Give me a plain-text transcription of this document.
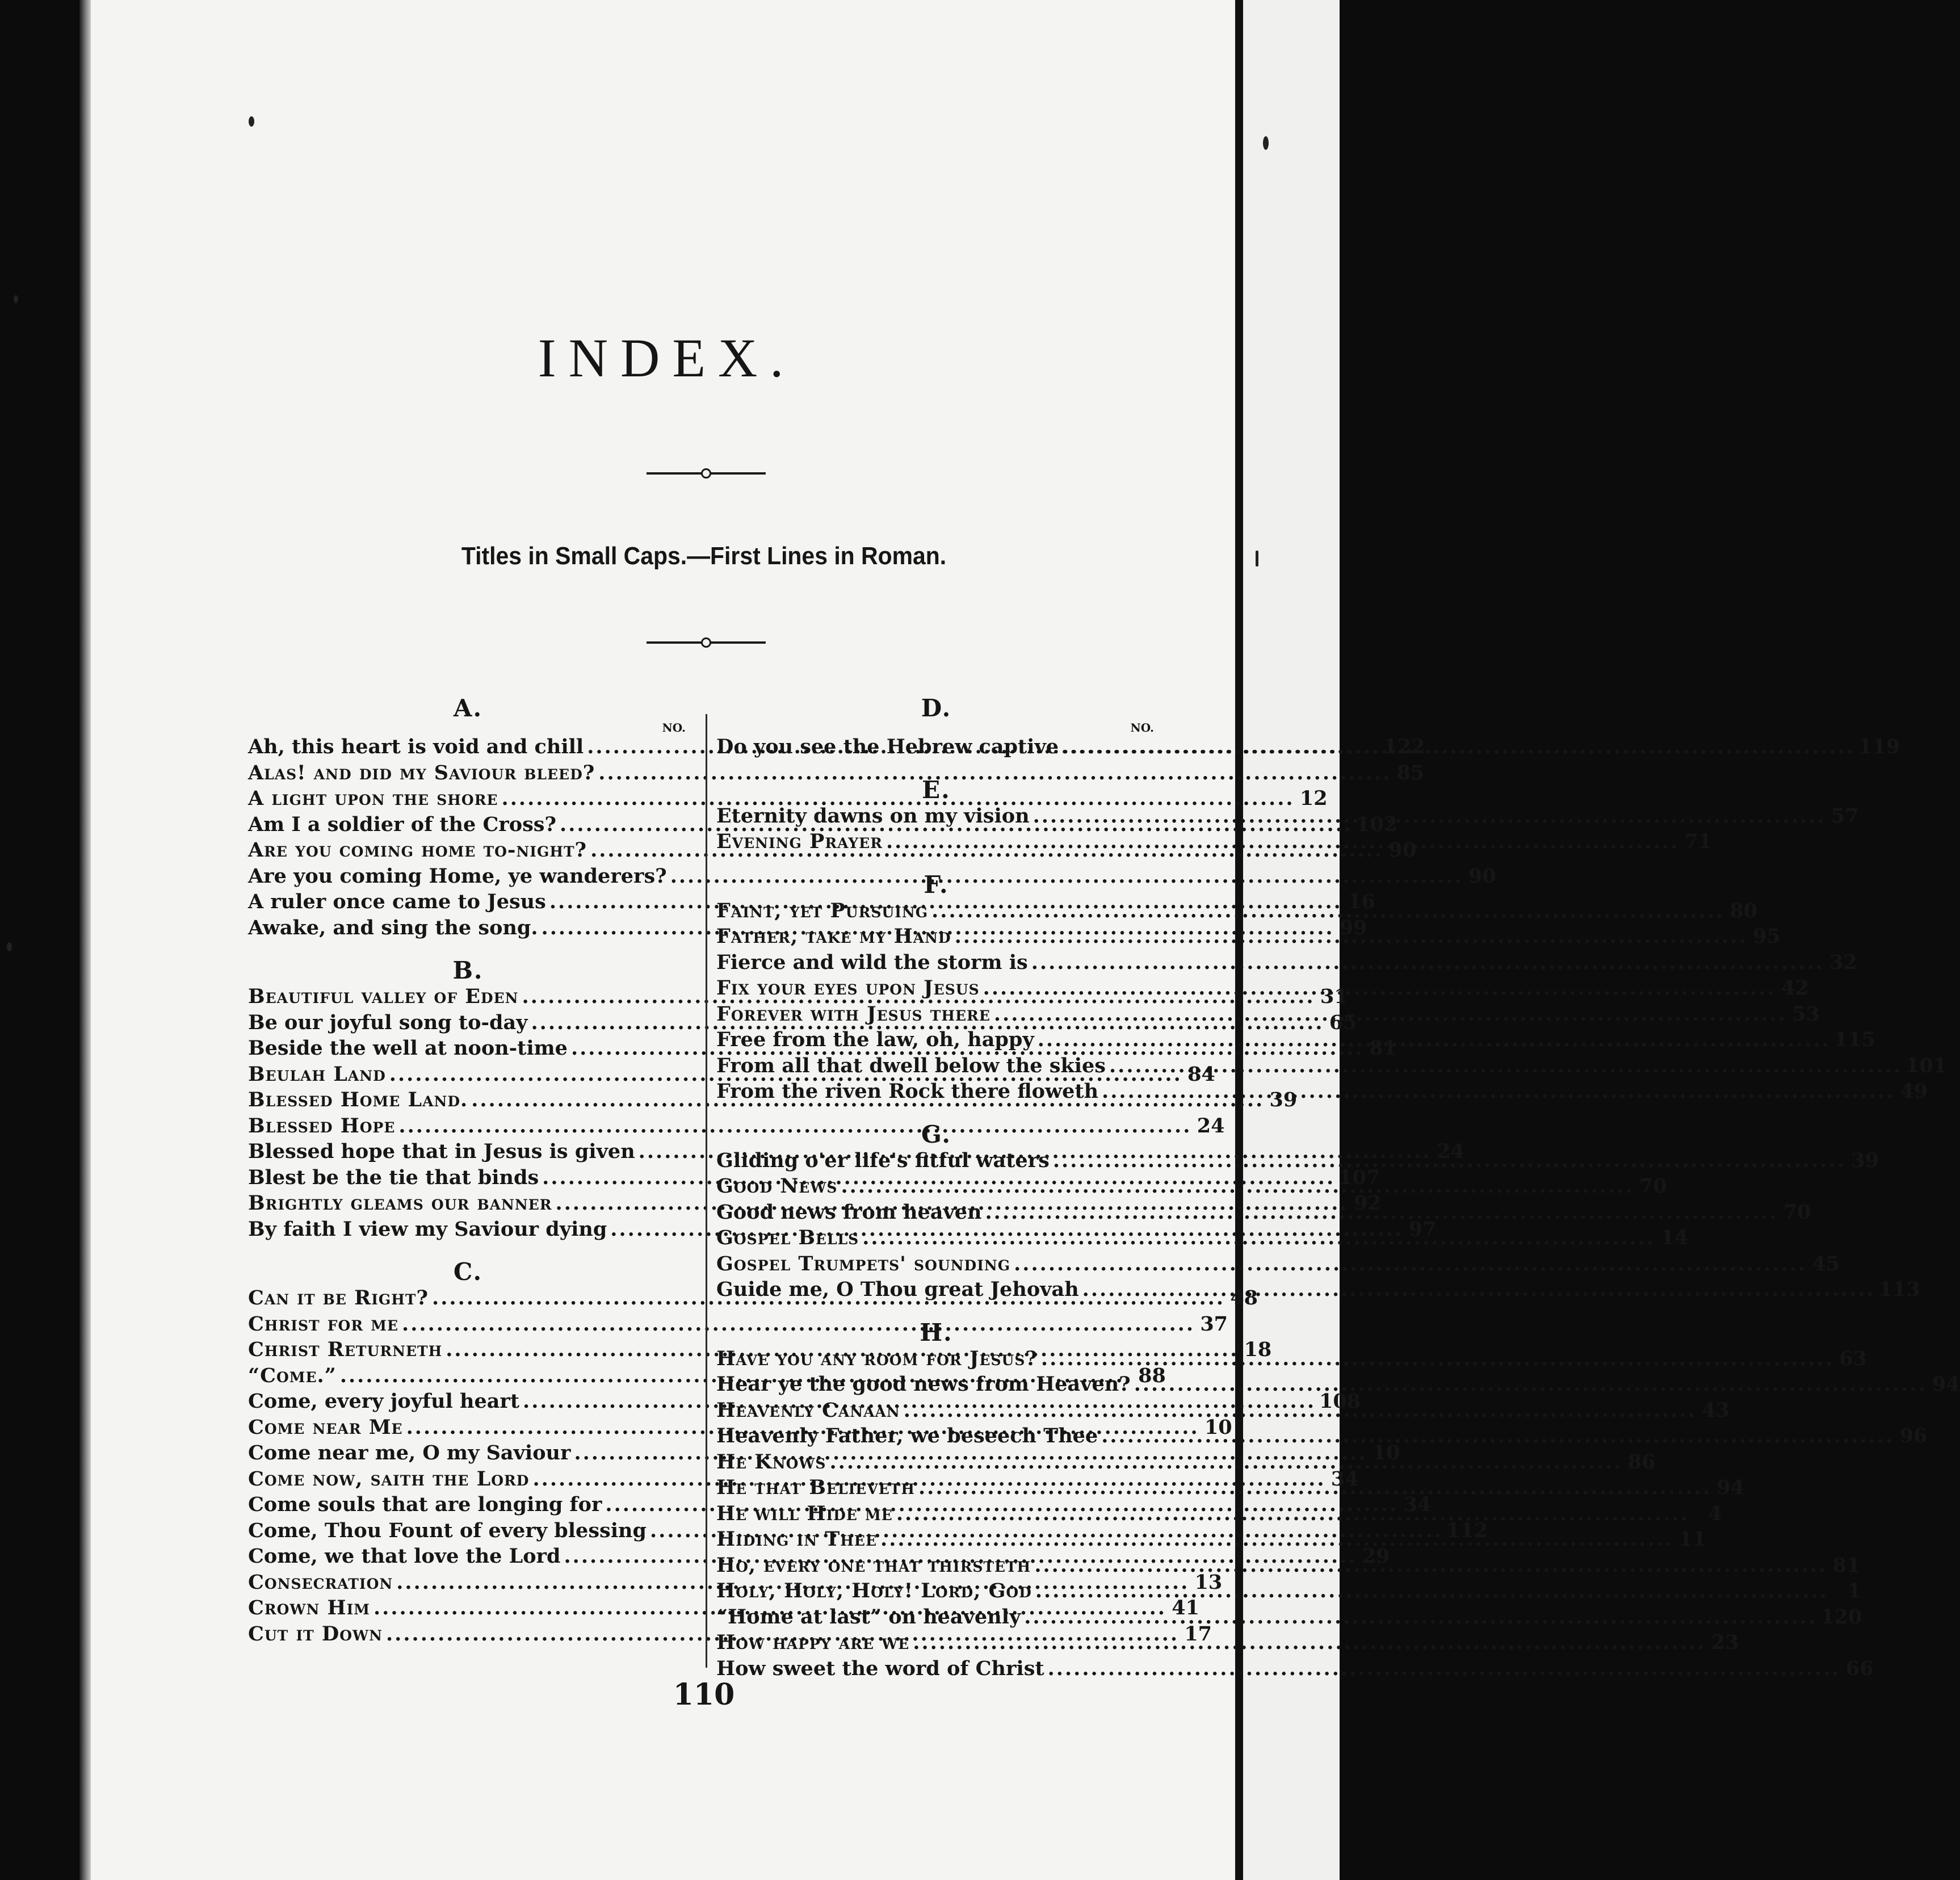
INDEX.
Titles in Small Caps.—First Lines in Roman.
A.
NO.
Ah, this heart is void and chill .....	122
Alas! and did my Saviour bleed? .....	85
A light upon the shore .....	12
Am I a soldier of the Cross? .....	102
Are you coming home to-night? .....	90
Are you coming Home, ye wanderers? .....	90
A ruler once came to Jesus .....	16
Awake, and sing the song. .....	99
B.
Beautiful valley of Eden .....	31
Be our joyful song to-day .....	65
Beside the well at noon-time .....	81
Beulah Land .....	84
Blessed Home Land. .....	39
Blessed Hope .....	24
Blessed hope that in Jesus is given .....	24
Blest be the tie that binds .....	107
Brightly gleams our banner .....	92
By faith I view my Saviour dying .....	97
C.
Can it be Right? .....	48
Christ for me .....	37
Christ Returneth .....	18
“Come.” .....	88
Come, every joyful heart .....	108
Come near Me .....	10
Come near me, O my Saviour .....	10
Come now, saith the Lord .....	34
Come souls that are longing for .....	34
Come, Thou Fount of every blessing .....	112
Come, we that love the Lord .....	29
Consecration .....	13
Crown Him .....	41
Cut it Down .....	17
D.
NO.
Do you see the Hebrew captive .....	119
E.
Eternity dawns on my vision .....	57
Evening Prayer .....	71
F.
Faint, yet Pursuing .....	80
Father, take my Hand .....	95
Fierce and wild the storm is .....	32
Fix your eyes upon Jesus .....	42
Forever with Jesus there .....	53
Free from the law, oh, happy .....	115
From all that dwell below the skies .....	101
From the riven Rock there floweth .....	49
G.
Gliding o'er life's fitful waters .....	39
Good News .....	70
Good news from heaven .....	70
Gospel Bells .....	14
Gospel Trumpets' sounding .....	45
Guide me, O Thou great Jehovah .....	113
H.
Have you any room for Jesus? .....	63
Hear ye the good news from Heaven? .....	94
Heavenly Canaan .....	43
Heavenly Father, we beseech Thee .....	96
He Knows .....	86
He that Believeth .....	94
He will Hide me .....	4
Hiding in Thee .....	11
Ho, every one that thirsteth .....	81
Holy, Holy, Holy! Lord, God .....	1
“Home at last” on heavenly .....	120
How happy are we .....	23
How sweet the word of Christ .....	66
110
